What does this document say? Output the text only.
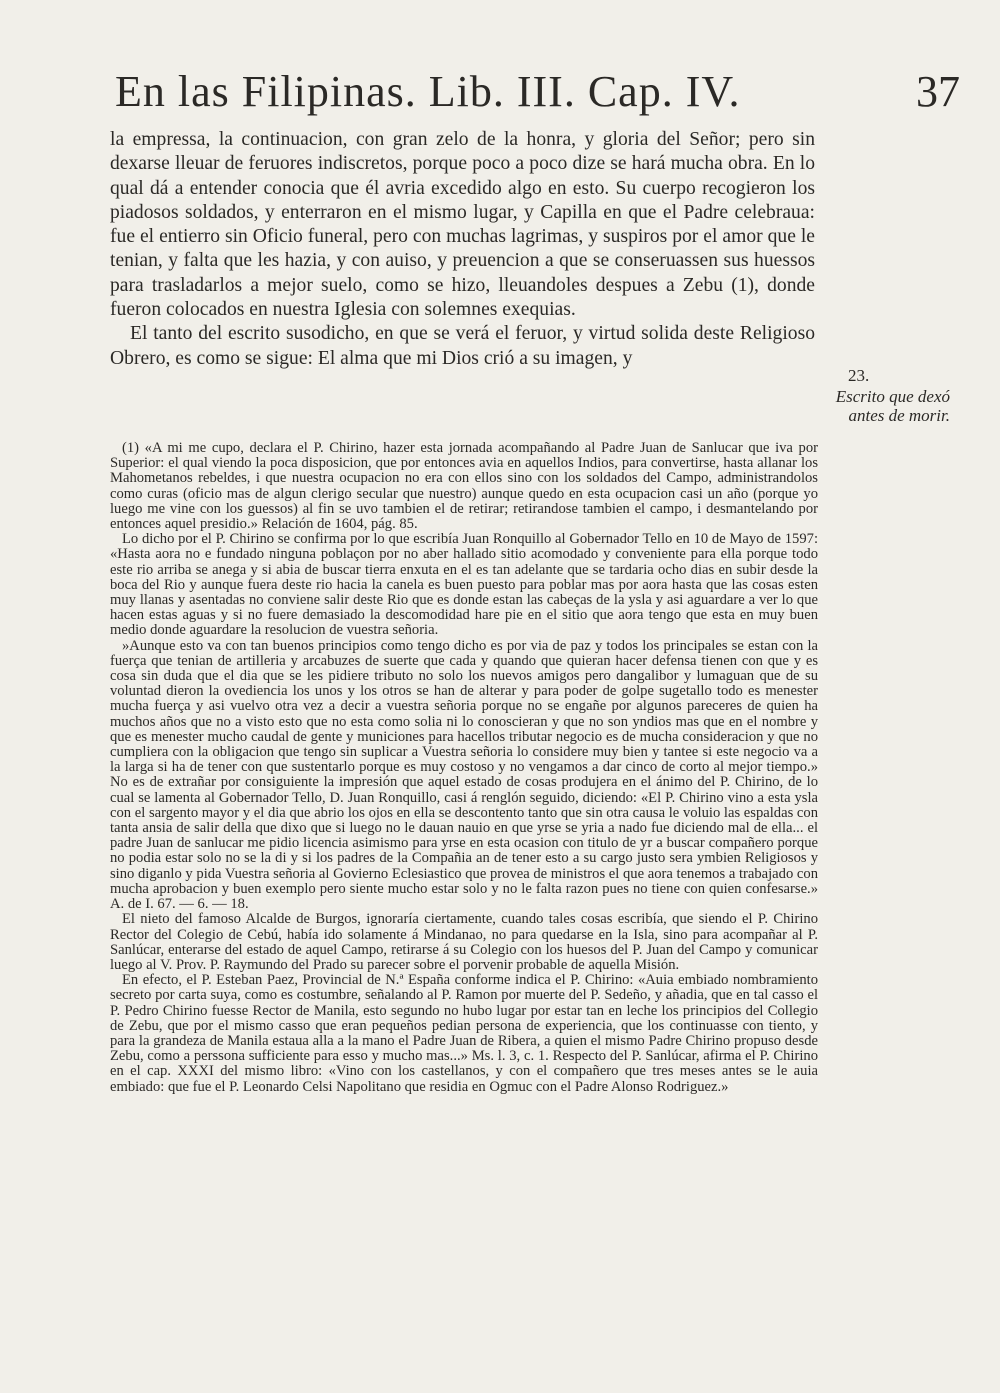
En las Filipinas. Lib. III. Cap. IV.	37

la empressa, la continuacion, con gran zelo de la honra, y gloria del Señor; pero sin dexarse lleuar de feruores indiscretos, porque poco a poco dize se hará mucha obra. En lo qual dá a entender conocia que él avria excedido algo en esto. Su cuerpo recogieron los piadosos soldados, y enterraron en el mismo lugar, y Capilla en que el Padre celebraua: fue el entierro sin Oficio funeral, pero con muchas lagrimas, y suspiros por el amor que le tenian, y falta que les hazia, y con auiso, y preuencion a que se conseruassen sus huessos para trasladarlos a mejor suelo, como se hizo, lleuandoles despues a Zebu (1), donde fueron colocados en nuestra Iglesia con solemnes exequias.

El tanto del escrito susodicho, en que se verá el feruor, y virtud solida deste Religioso Obrero, es como se sigue: El alma que mi Dios crió a su imagen, y

23.
Escrito que dexó antes de morir.

(1) «A mi me cupo, declara el P. Chirino, hazer esta jornada acompañando al Padre Juan de Sanlucar que iva por Superior: el qual viendo la poca disposicion, que por entonces avia en aquellos Indios, para convertirse, hasta allanar los Mahometanos rebeldes, i que nuestra ocupacion no era con ellos sino con los soldados del Campo, administrandolos como curas (oficio mas de algun clerigo secular que nuestro) aunque quedo en esta ocupacion casi un año (porque yo luego me vine con los guessos) al fin se uvo tambien el de retirar; retirandose tambien el campo, i desmantelando por entonces aquel presidio.» Relación de 1604, pág. 85.

Lo dicho por el P. Chirino se confirma por lo que escribía Juan Ronquillo al Gobernador Tello en 10 de Mayo de 1597: «Hasta aora no e fundado ninguna poblaçon por no aber hallado sitio acomodado y conveniente para ella porque todo este rio arriba se anega y si abia de buscar tierra enxuta en el es tan adelante que se tardaria ocho dias en subir desde la boca del Rio y aunque fuera deste rio hacia la canela es buen puesto para poblar mas por aora hasta que las cosas esten muy llanas y asentadas no conviene salir deste Rio que es donde estan las cabeças de la ysla y asi aguardare a ver lo que hacen estas aguas y si no fuere demasiado la descomodidad hare pie en el sitio que aora tengo que esta en muy buen medio donde aguardare la resolucion de vuestra señoria.

»Aunque esto va con tan buenos principios como tengo dicho es por via de paz y todos los principales se estan con la fuerça que tenian de artilleria y arcabuzes de suerte que cada y quando que quieran hacer defensa tienen con que y es cosa sin duda que el dia que se les pidiere tributo no solo los nuevos amigos pero dangalibor y lumaguan que de su voluntad dieron la ovediencia los unos y los otros se han de alterar y para poder de golpe sugetallo todo es menester mucha fuerça y asi vuelvo otra vez a decir a vuestra señoria porque no se engañe por algunos pareceres de quien ha muchos años que no a visto esto que no esta como solia ni lo conoscieran y que no son yndios mas que en el nombre y que es menester mucho caudal de gente y municiones para hacellos tributar negocio es de mucha consideracion y que no cumpliera con la obligacion que tengo sin suplicar a Vuestra señoria lo considere muy bien y tantee si este negocio va a la larga si ha de tener con que sustentarlo porque es muy costoso y no vengamos a dar cinco de corto al mejor tiempo.» No es de extrañar por consiguiente la impresión que aquel estado de cosas produjera en el ánimo del P. Chirino, de lo cual se lamenta al Gobernador Tello, D. Juan Ronquillo, casi á renglón seguido, diciendo: «El P. Chirino vino a esta ysla con el sargento mayor y el dia que abrio los ojos en ella se descontento tanto que sin otra causa le voluio las espaldas con tanta ansia de salir della que dixo que si luego no le dauan nauio en que yrse se yria a nado fue diciendo mal de ella... el padre Juan de sanlucar me pidio licencia asimismo para yrse en esta ocasion con titulo de yr a buscar compañero porque no podia estar solo no se la di y si los padres de la Compañia an de tener esto a su cargo justo sera ymbien Religiosos y sino diganlo y pida Vuestra señoria al Govierno Eclesiastico que provea de ministros el que aora tenemos a trabajado con mucha aprobacion y buen exemplo pero siente mucho estar solo y no le falta razon pues no tiene con quien confesarse.» A. de I. 67. — 6. — 18.

El nieto del famoso Alcalde de Burgos, ignoraría ciertamente, cuando tales cosas escribía, que siendo el P. Chirino Rector del Colegio de Cebú, había ido solamente á Mindanao, no para quedarse en la Isla, sino para acompañar al P. Sanlúcar, enterarse del estado de aquel Campo, retirarse á su Colegio con los huesos del P. Juan del Campo y comunicar luego al V. Prov. P. Raymundo del Prado su parecer sobre el porvenir probable de aquella Misión.

En efecto, el P. Esteban Paez, Provincial de N.ª España conforme indica el P. Chirino: «Auia embiado nombramiento secreto por carta suya, como es costumbre, señalando al P. Ramon por muerte del P. Sedeño, y añadia, que en tal casso el P. Pedro Chirino fuesse Rector de Manila, esto segundo no hubo lugar por estar tan en leche los principios del Collegio de Zebu, que por el mismo casso que eran pequeños pedian persona de experiencia, que los continuasse con tiento, y para la grandeza de Manila estaua alla a la mano el Padre Juan de Ribera, a quien el mismo Padre Chirino propuso desde Zebu, como a perssona sufficiente para esso y mucho mas...» Ms. l. 3, c. 1. Respecto del P. Sanlúcar, afirma el P. Chirino en el cap. XXXI del mismo libro: «Vino con los castellanos, y con el compañero que tres meses antes se le auia embiado: que fue el P. Leonardo Celsi Napolitano que residia en Ogmuc con el Padre Alonso Rodriguez.»
